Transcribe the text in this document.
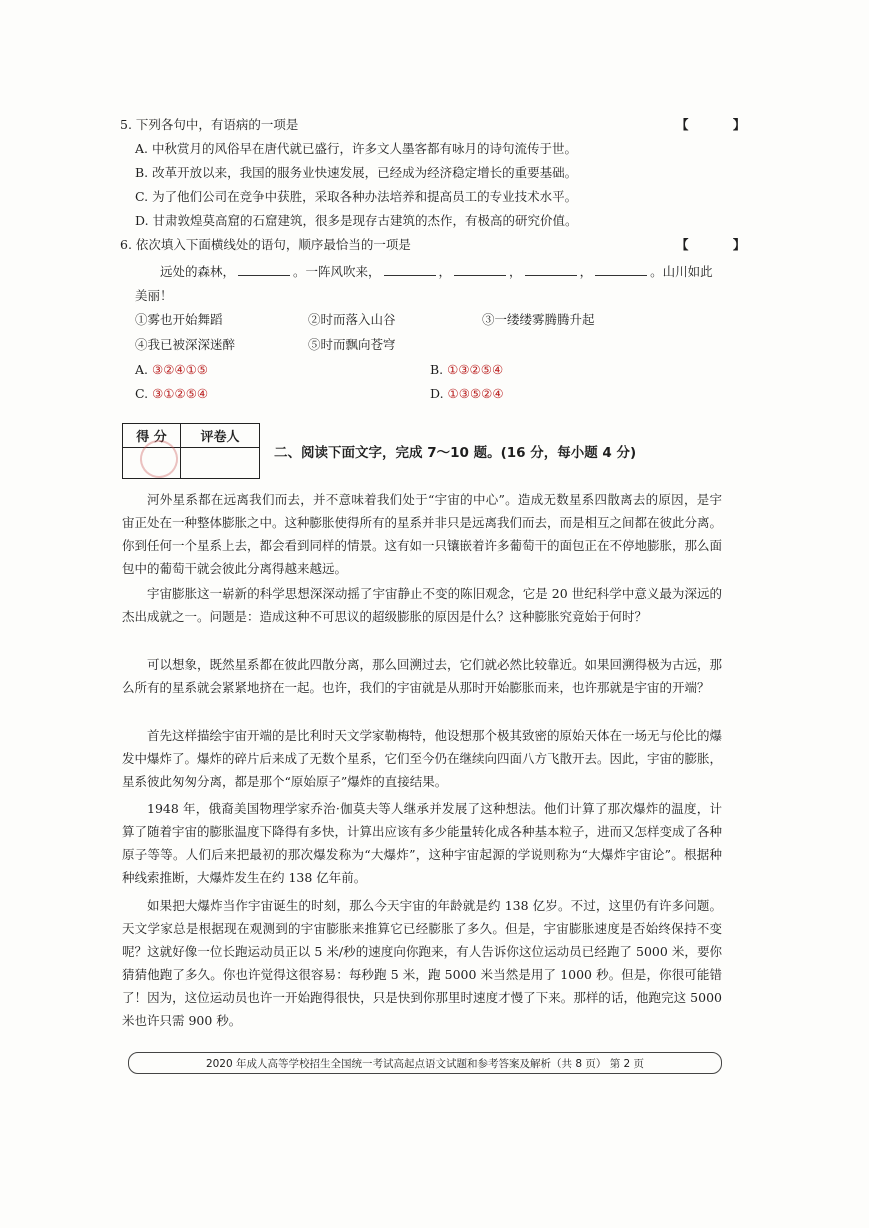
5. 下列各句中，有语病的一项是	【 】
A. 中秋赏月的风俗早在唐代就已盛行，许多文人墨客都有咏月的诗句流传于世。
B. 改革开放以来，我国的服务业快速发展，已经成为经济稳定增长的重要基础。
C. 为了他们公司在竞争中获胜，采取各种办法培养和提高员工的专业技术水平。
D. 甘肃敦煌莫高窟的石窟建筑，很多是现存古建筑的杰作，有极高的研究价值。
6. 依次填入下面横线处的语句，顺序最恰当的一项是	【 】
远处的森林，	。一阵风吹来，	，	，	，	。山川如此
美丽！
①雾也开始舞蹈	②时而落入山谷	③一缕缕雾腾腾升起
④我已被深深迷醉	⑤时而飘向苍穹
A. ③②④①⑤	B. ①③②⑤④
C. ③①②⑤④	D. ①③⑤②④
得 分	评卷人
二、阅读下面文字，完成 7～10 题。(16 分，每小题 4 分)
河外星系都在远离我们而去，并不意味着我们处于“宇宙的中心”。造成无数星系四散离去的原因，是宇宙正处在一种整体膨胀之中。这种膨胀使得所有的星系并非只是远离我们而去，而是相互之间都在彼此分离。你到任何一个星系上去，都会看到同样的情景。这有如一只镶嵌着许多葡萄干的面包正在不停地膨胀，那么面包中的葡萄干就会彼此分离得越来越远。
宇宙膨胀这一崭新的科学思想深深动摇了宇宙静止不变的陈旧观念，它是 20 世纪科学中意义最为深远的杰出成就之一。问题是：造成这种不可思议的超级膨胀的原因是什么？这种膨胀究竟始于何时？
可以想象，既然星系都在彼此四散分离，那么回溯过去，它们就必然比较靠近。如果回溯得极为古远，那么所有的星系就会紧紧地挤在一起。也许，我们的宇宙就是从那时开始膨胀而来，也许那就是宇宙的开端？
首先这样描绘宇宙开端的是比利时天文学家勒梅特，他设想那个极其致密的原始天体在一场无与伦比的爆发中爆炸了。爆炸的碎片后来成了无数个星系，它们至今仍在继续向四面八方飞散开去。因此，宇宙的膨胀，星系彼此匆匆分离，都是那个“原始原子”爆炸的直接结果。
1948 年，俄裔美国物理学家乔治·伽莫夫等人继承并发展了这种想法。他们计算了那次爆炸的温度，计算了随着宇宙的膨胀温度下降得有多快，计算出应该有多少能量转化成各种基本粒子，进而又怎样变成了各种原子等等。人们后来把最初的那次爆发称为“大爆炸”，这种宇宙起源的学说则称为“大爆炸宇宙论”。根据种种线索推断，大爆炸发生在约 138 亿年前。
如果把大爆炸当作宇宙诞生的时刻，那么今天宇宙的年龄就是约 138 亿岁。不过，这里仍有许多问题。天文学家总是根据现在观测到的宇宙膨胀来推算它已经膨胀了多久。但是，宇宙膨胀速度是否始终保持不变呢？这就好像一位长跑运动员正以 5 米/秒的速度向你跑来，有人告诉你这位运动员已经跑了 5000 米，要你猜猜他跑了多久。你也许觉得这很容易：每秒跑 5 米，跑 5000 米当然是用了 1000 秒。但是，你很可能错了！因为，这位运动员也许一开始跑得很快，只是快到你那里时速度才慢了下来。那样的话，他跑完这 5000 米也许只需 900 秒。
2020 年成人高等学校招生全国统一考试高起点语文试题和参考答案及解析（共 8 页） 第 2 页
